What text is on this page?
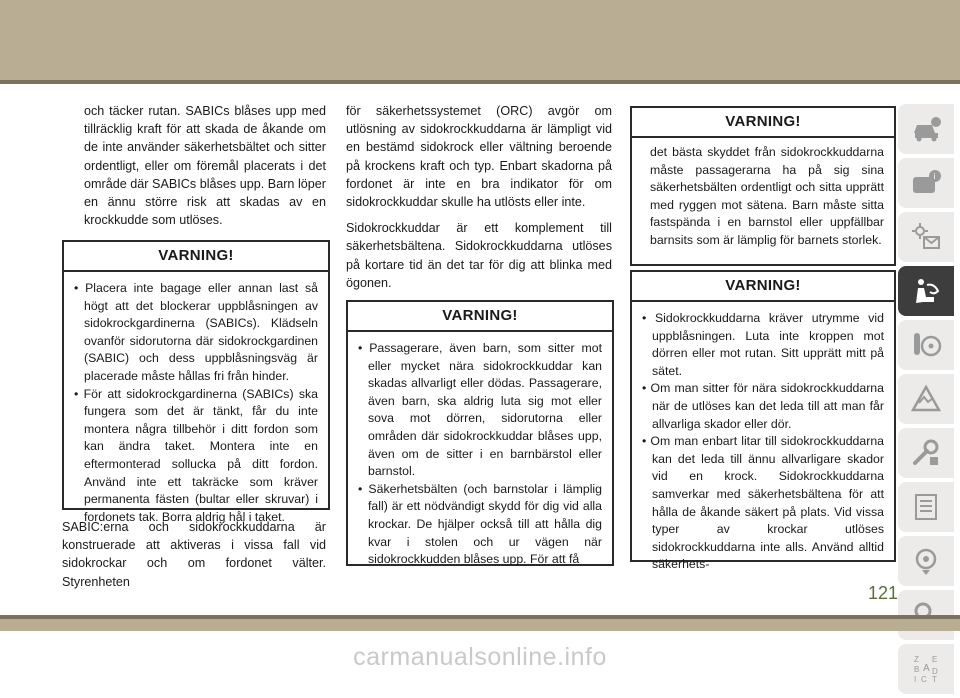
och täcker rutan. SABICs blåses upp med tillräcklig kraft för att skada de åkande om de inte använder säkerhetsbältet och sitter ordentligt, eller om föremål placerats i det område där SABICs blåses upp. Barn löper en ännu större risk att skadas av en krockkudde som utlöses.

VARNING!
• Placera inte bagage eller annan last så högt att det blockerar uppblåsningen av sidokrockgardinerna (SABICs). Klädseln ovanför sidorutorna där sidokrockgardinen (SABIC) och dess uppblåsningsväg är placerade måste hållas fri från hinder.
• För att sidokrockgardinerna (SABICs) ska fungera som det är tänkt, får du inte montera några tillbehör i ditt fordon som kan ändra taket. Montera inte en eftermonterad sollucka på ditt fordon. Använd inte ett takräcke som kräver permanenta fästen (bultar eller skruvar) i fordonets tak. Borra aldrig hål i taket.

SABIC:erna och sidokrockkuddarna är konstruerade att aktiveras i vissa fall vid sidokrockar och om fordonet välter. Styrenheten

för säkerhetssystemet (ORC) avgör om utlösning av sidokrockkuddarna är lämpligt vid en bestämd sidokrock eller vältning beroende på krockens kraft och typ. Enbart skadorna på fordonet är inte en bra indikator för om sidokrockkuddar skulle ha utlösts eller inte.

Sidokrockkuddar är ett komplement till säkerhetsbältena. Sidokrockkuddarna utlöses på kortare tid än det tar för dig att blinka med ögonen.

VARNING!
• Passagerare, även barn, som sitter mot eller mycket nära sidokrockkuddar kan skadas allvarligt eller dödas. Passagerare, även barn, ska aldrig luta sig mot eller sova mot dörren, sidorutorna eller områden där sidokrockkuddar blåses upp, även om de sitter i en barnbärstol eller barnstol.
• Säkerhetsbälten (och barnstolar i lämplig fall) är ett nödvändigt skydd för dig vid alla krockar. De hjälper också till att hålla dig kvar i stolen och ur vägen när sidokrockkudden blåses upp. För att få
VARNING!

det bästa skyddet från sidokrockkuddarna måste passagerarna ha på sig sina säkerhetsbälten ordentligt och sitta upprätt med ryggen mot sätena. Barn måste sitta fastspända i en barnstol eller uppfällbar barnsits som är lämplig för barnets storlek.

VARNING!
• Sidokrockkuddarna kräver utrymme vid uppblåsningen. Luta inte kroppen mot dörren eller mot rutan. Sitt upprätt mitt på sätet.
• Om man sitter för nära sidokrockkuddarna när de utlöses kan det leda till att man får allvarliga skador eller dör.
• Om man enbart litar till sidokrockkuddarna kan det leda till ännu allvarligare skador vid en krock. Sidokrockkuddarna samverkar med säkerhetsbältena för att hålla de åkande säkert på plats. Vid vissa typer av krockar utlöses sidokrockkuddarna inte alls. Använd alltid säkerhets-
i
Z E
B A D
I C T
121
carmanualsonline.info
